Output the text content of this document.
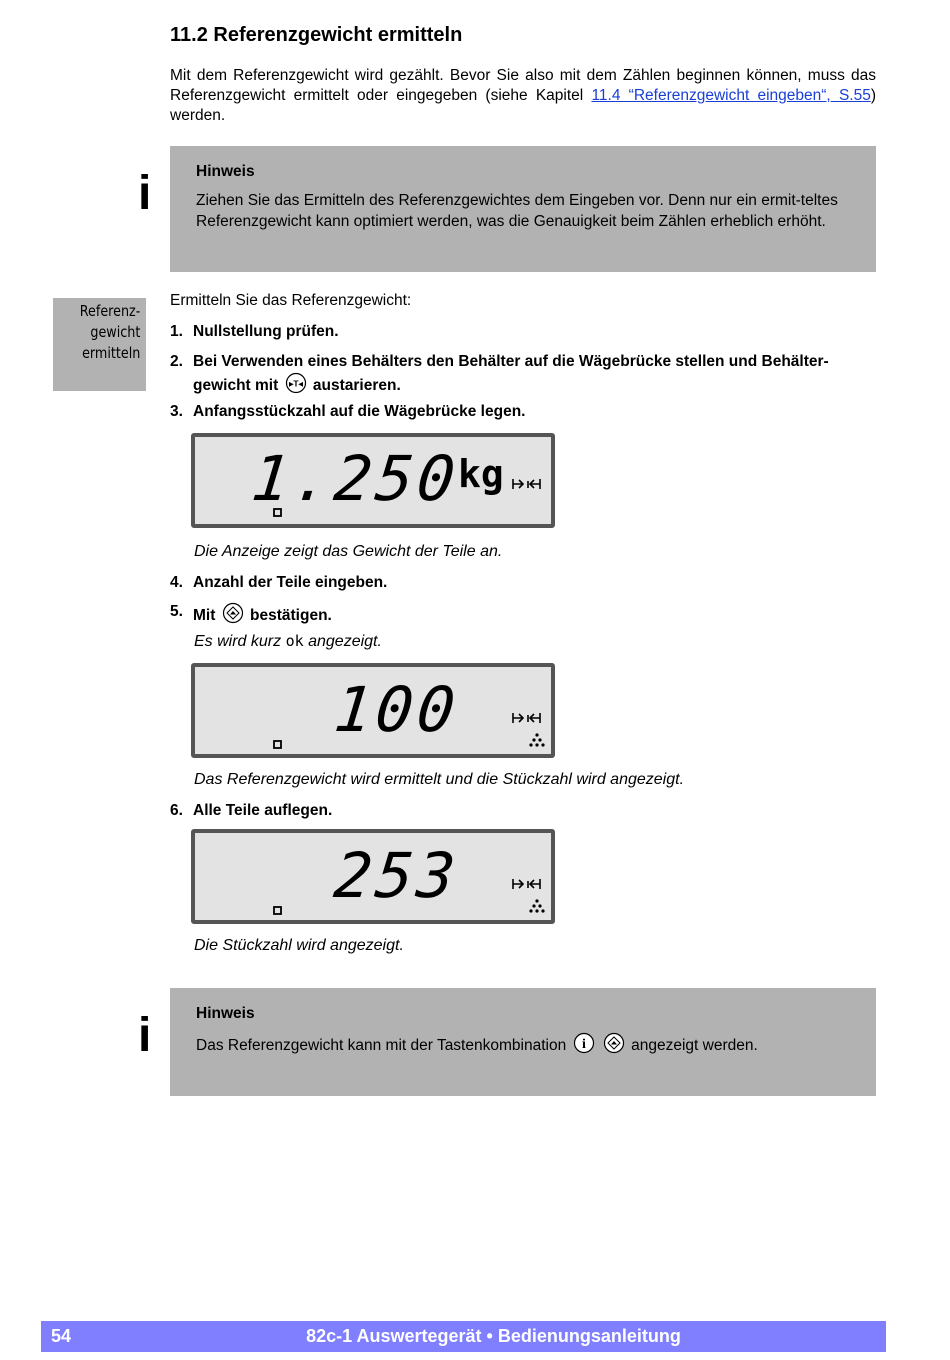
11.2 Referenzgewicht ermitteln
Mit dem Referenzgewicht wird gezählt. Bevor Sie also mit dem Zählen beginnen können, muss das Referenzgewicht ermittelt oder eingegeben (siehe Kapitel 11.4 “Referenzgewicht eingeben“, S.55) werden.
i	Hinweis
Ziehen Sie das Ermitteln des Referenzgewichtes dem Eingeben vor. Denn nur ein ermit-teltes Referenzgewicht kann optimiert werden, was die Genauigkeit beim Zählen erheblich erhöht.
Referenz-
gewicht
ermitteln
Ermitteln Sie das Referenzgewicht:
1. Nullstellung prüfen.
2. Bei Verwenden eines Behälters den Behälter auf die Wägebrücke stellen und Behälter-gewicht mit ▸T◂ austarieren.
3. Anfangsstückzahl auf die Wägebrücke legen.
1.250
kg
Die Anzeige zeigt das Gewicht der Teile an.
4. Anzahl der Teile eingeben.
5. Mit bestätigen.
Es wird kurz ok angezeigt.
100
Das Referenzgewicht wird ermittelt und die Stückzahl wird angezeigt.
6. Alle Teile auflegen.
253
Die Stückzahl wird angezeigt.
i	Hinweis
Das Referenzgewicht kann mit der Tastenkombination i	angezeigt werden.
54	82c-1 Auswertegerät • Bedienungsanleitung
